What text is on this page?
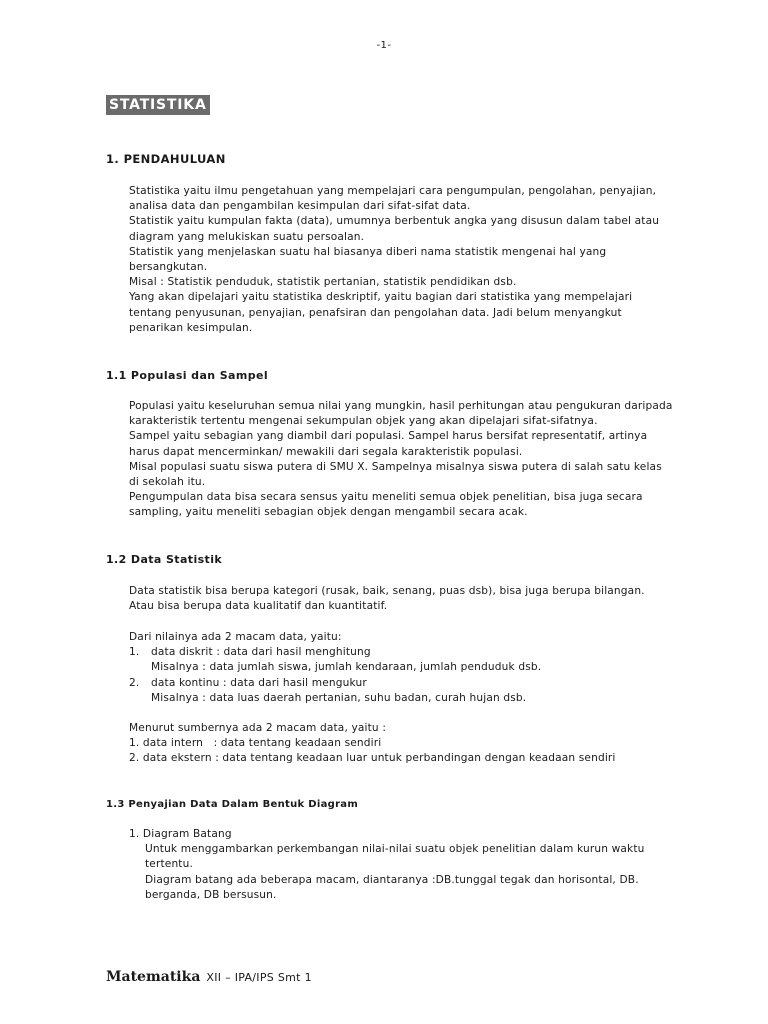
-1-
STATISTIKA
1. PENDAHULUAN
Statistika yaitu ilmu pengetahuan yang mempelajari cara pengumpulan, pengolahan, penyajian,
analisa data dan pengambilan kesimpulan dari sifat-sifat data.
Statistik yaitu kumpulan fakta (data), umumnya berbentuk angka yang disusun dalam tabel atau
diagram yang melukiskan suatu persoalan.
Statistik yang menjelaskan suatu hal biasanya diberi nama statistik mengenai hal yang
bersangkutan.
Misal : Statistik penduduk, statistik pertanian, statistik pendidikan dsb.
Yang akan dipelajari yaitu statistika deskriptif, yaitu bagian dari statistika yang mempelajari
tentang penyusunan, penyajian, penafsiran dan pengolahan data. Jadi belum menyangkut
penarikan kesimpulan.
1.1 Populasi dan Sampel
Populasi yaitu keseluruhan semua nilai yang mungkin, hasil perhitungan atau pengukuran daripada
karakteristik tertentu mengenai sekumpulan objek yang akan dipelajari sifat-sifatnya.
Sampel yaitu sebagian yang diambil dari populasi. Sampel harus bersifat representatif, artinya
harus dapat mencerminkan/ mewakili dari segala karakteristik populasi.
Misal populasi suatu siswa putera di SMU X. Sampelnya misalnya siswa putera di salah satu kelas
di sekolah itu.
Pengumpulan data bisa secara sensus yaitu meneliti semua objek penelitian, bisa juga secara
sampling, yaitu meneliti sebagian objek dengan mengambil secara acak.
1.2 Data Statistik
Data statistik bisa berupa kategori (rusak, baik, senang, puas dsb), bisa juga berupa bilangan.
Atau bisa berupa data kualitatif dan kuantitatif.
Dari nilainya ada 2 macam data, yaitu:
1. data diskrit : data dari hasil menghitung
Misalnya : data jumlah siswa, jumlah kendaraan, jumlah penduduk dsb.
2. data kontinu : data dari hasil mengukur
Misalnya : data luas daerah pertanian, suhu badan, curah hujan dsb.
Menurut sumbernya ada 2 macam data, yaitu :
1. data intern   : data tentang keadaan sendiri
2. data ekstern : data tentang keadaan luar untuk perbandingan dengan keadaan sendiri
1.3 Penyajian Data Dalam Bentuk Diagram
1. Diagram Batang
Untuk menggambarkan perkembangan nilai-nilai suatu objek penelitian dalam kurun waktu
tertentu.
Diagram batang ada beberapa macam, diantaranya :DB.tunggal tegak dan horisontal, DB.
berganda, DB bersusun.
Matematika XII – IPA/IPS Smt 1
